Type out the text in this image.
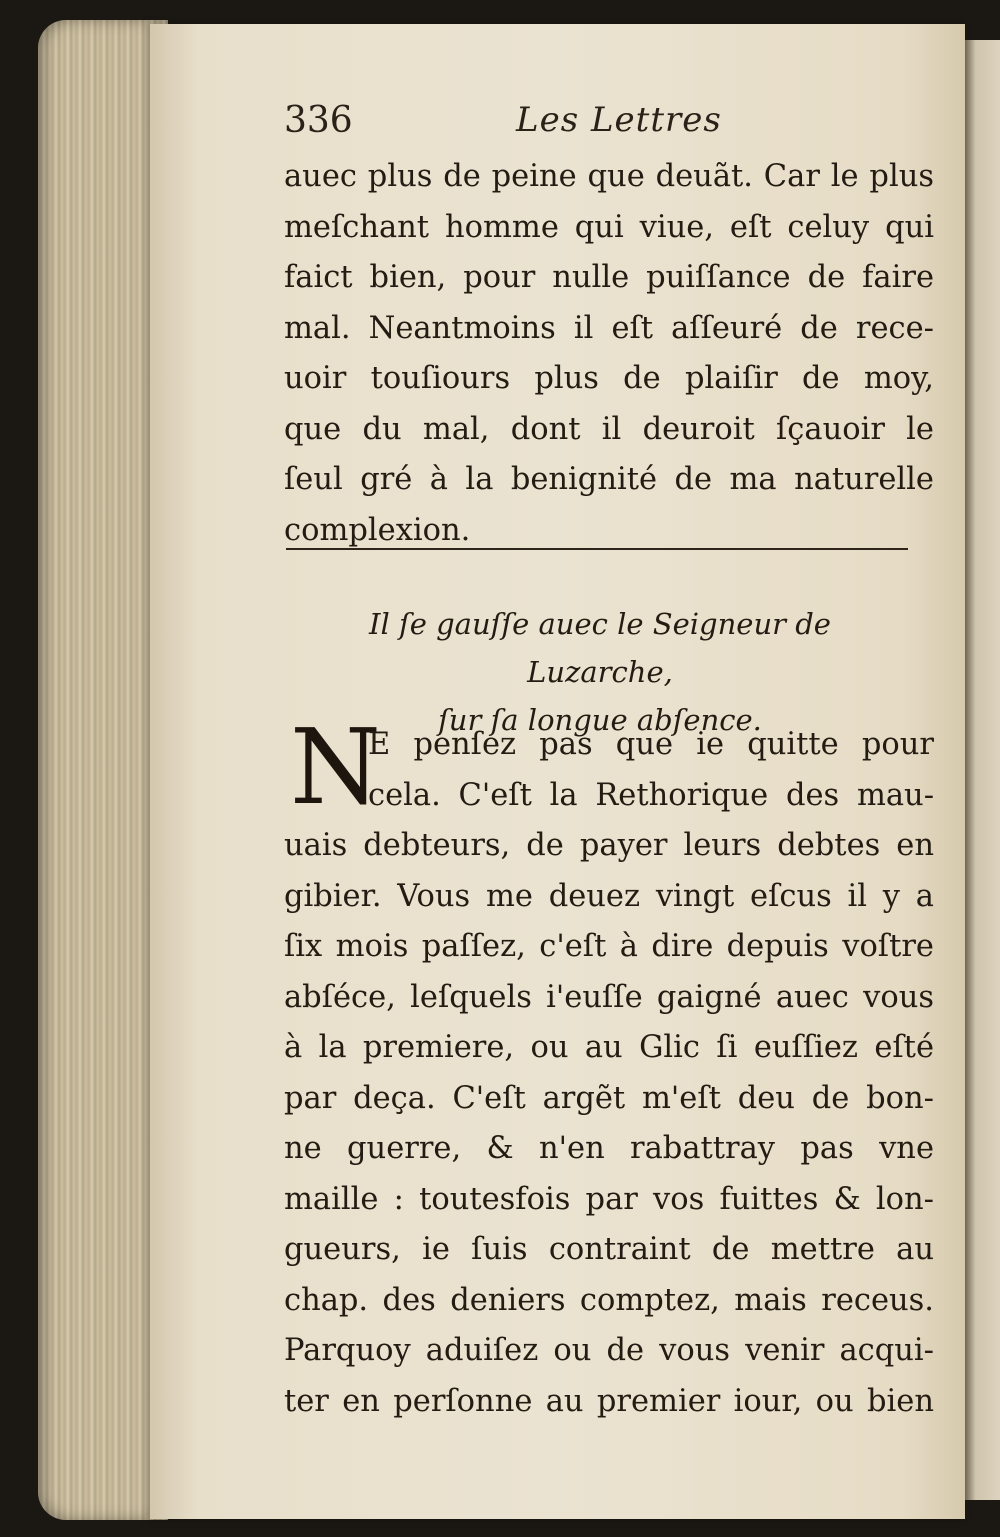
336	Les Lettres
auec plus de peine que deuãt. Car le plus
meſchant homme qui viue, eſt celuy qui
faict bien, pour nulle puiſſance de faire
mal. Neantmoins il eſt aſſeuré de rece-
uoir touſiours plus de plaiſir de moy,
que du mal, dont il deuroit ſçauoir le
ſeul gré à la benignité de ma naturelle
complexion.
Il ſe gauſſe auec le Seigneur de Luzarche,
ſur ſa longue abſence.
N
E penſez pas que ie quitte pour
cela. C'eſt la Rethorique des mau-
uais debteurs, de payer leurs debtes en
gibier. Vous me deuez vingt eſcus il y a
ſix mois paſſez, c'eſt à dire depuis voſtre
abſéce, leſquels i'euſſe gaigné auec vous
à la premiere, ou au Glic ſi euſſiez eſté
par deça. C'eſt argẽt m'eſt deu de bon-
ne guerre, & n'en rabattray pas vne
maille : toutesfois par vos fuittes & lon-
gueurs, ie ſuis contraint de mettre au
chap. des deniers comptez, mais receus.
Parquoy aduiſez ou de vous venir acqui-
ter en perſonne au premier iour, ou bien
